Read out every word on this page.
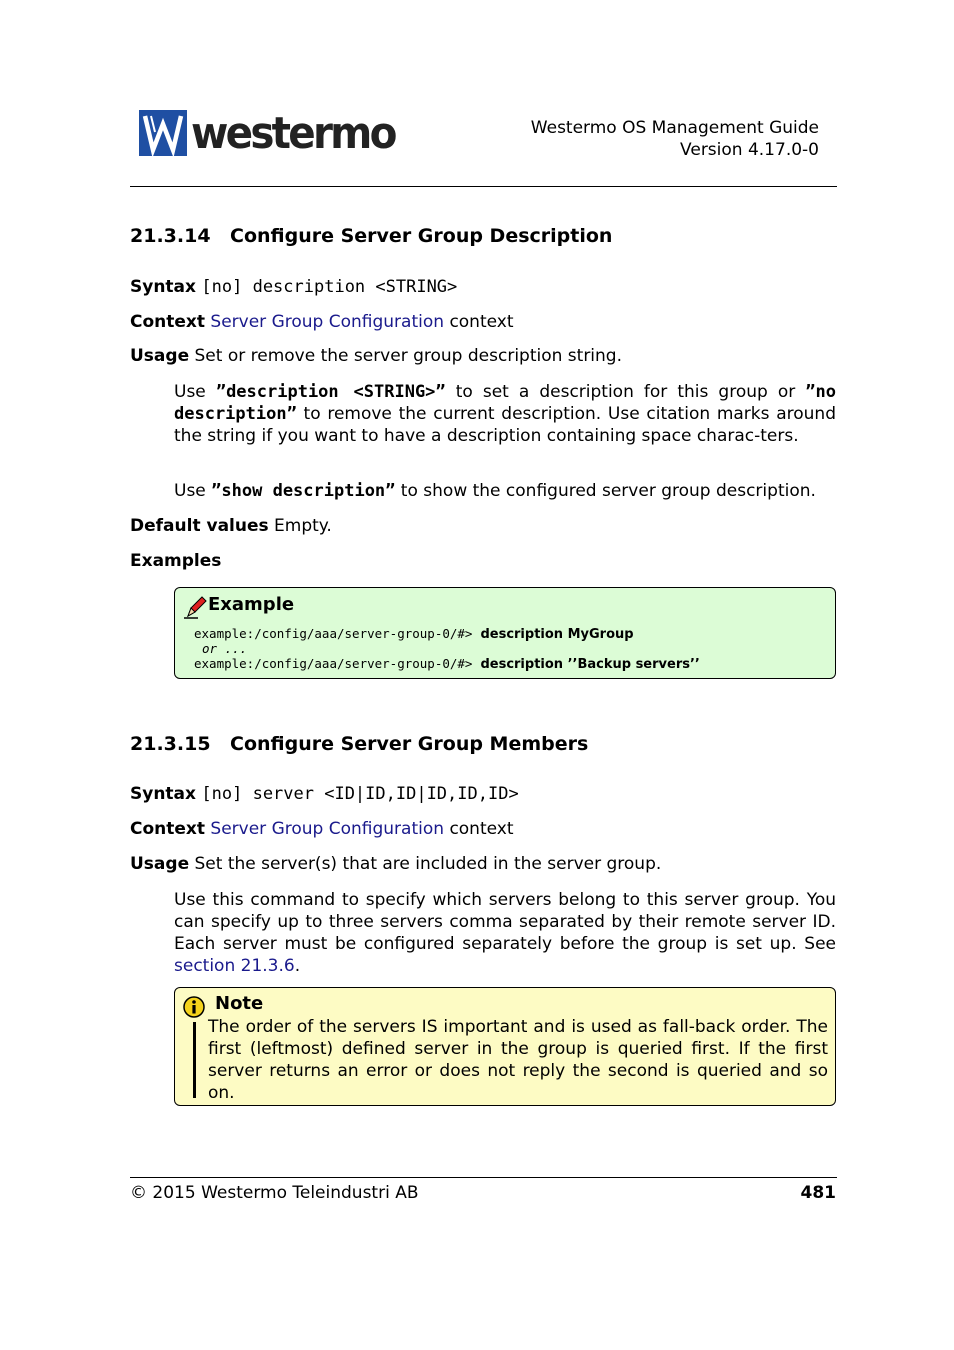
westermo	Westermo OS Management Guide
Version 4.17.0-0
21.3.14 Configure Server Group Description
Syntax [no] description <STRING>
Context Server Group Configuration context
Usage Set or remove the server group description string.
Use ”description <STRING>” to set a description for this group or ”no description” to remove the current description. Use citation marks around the string if you want to have a description containing space charac-ters.
Use ”show description” to show the configured server group description.
Default values Empty.
Examples
Example
example:/config/aaa/server-group-0/#> description MyGroup
or ...
example:/config/aaa/server-group-0/#> description ’’Backup servers’’
21.3.15 Configure Server Group Members
Syntax [no] server <ID|ID,ID|ID,ID,ID>
Context Server Group Configuration context
Usage Set the server(s) that are included in the server group.
Use this command to specify which servers belong to this server group. You can specify up to three servers comma separated by their remote server ID. Each server must be configured separately before the group is set up. See section 21.3.6.
Note
The order of the servers IS important and is used as fall-back order. The first (leftmost) defined server in the group is queried first. If the first server returns an error or does not reply the second is queried and so on.
© 2015 Westermo Teleindustri AB	481
